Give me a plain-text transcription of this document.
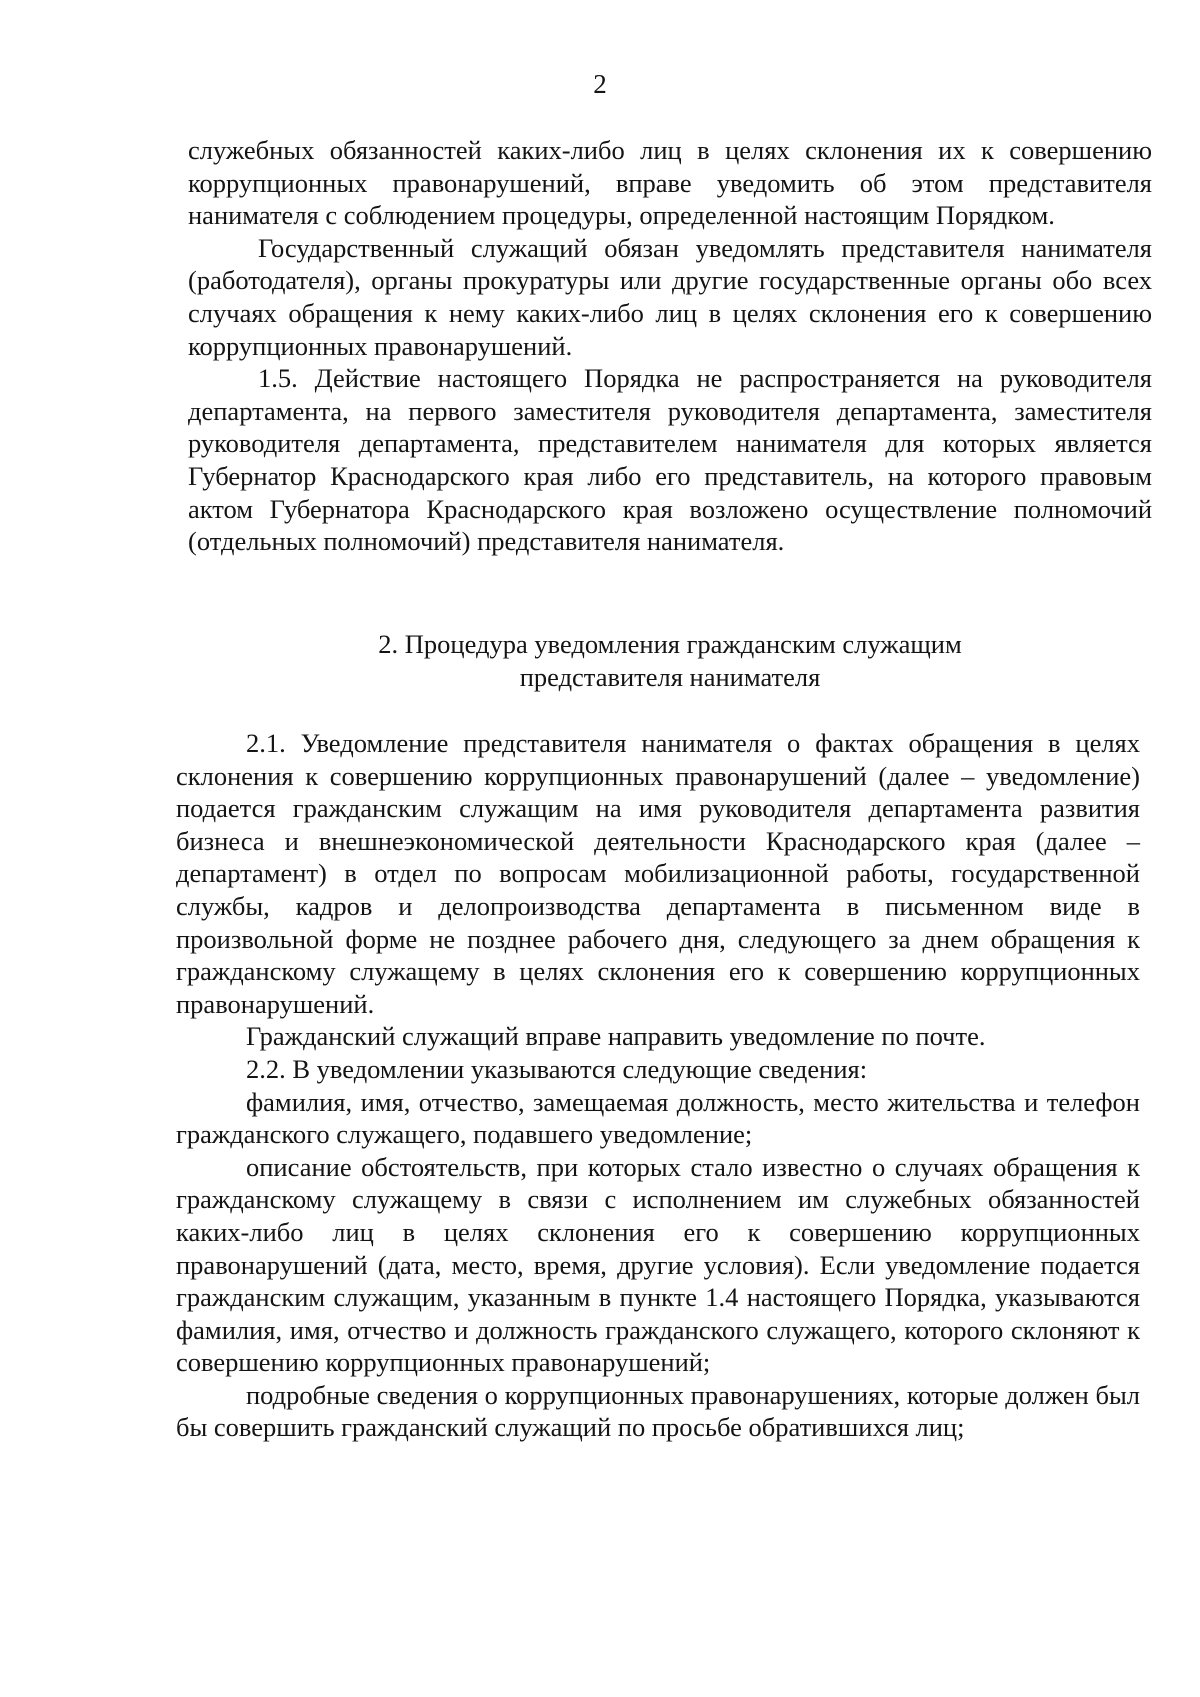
2

служебных обязанностей каких-либо лиц в целях склонения их к совершению коррупционных правонарушений, вправе уведомить об этом представителя нанимателя с соблюдением процедуры, определенной настоящим Порядком.

Государственный служащий обязан уведомлять представителя нанимателя (работодателя), органы прокуратуры или другие государственные органы обо всех случаях обращения к нему каких-либо лиц в целях склонения его к совершению коррупционных правонарушений.

1.5. Действие настоящего Порядка не распространяется на руководителя департамента, на первого заместителя руководителя департамента, заместителя руководителя департамента, представителем нанимателя для которых является Губернатор Краснодарского края либо его представитель, на которого правовым актом Губернатора Краснодарского края возложено осуществление полномочий (отдельных полномочий) представителя нанимателя.

2. Процедура уведомления гражданским служащим
представителя нанимателя

2.1. Уведомление представителя нанимателя о фактах обращения в целях склонения к совершению коррупционных правонарушений (далее – уведомление) подается гражданским служащим на имя руководителя департамента развития бизнеса и внешнеэкономической деятельности Краснодарского края (далее – департамент) в отдел по вопросам мобилизационной работы, государственной службы, кадров и делопроизводства департамента в письменном виде в произвольной форме не позднее рабочего дня, следующего за днем обращения к гражданскому служащему в целях склонения его к совершению коррупционных правонарушений.

Гражданский служащий вправе направить уведомление по почте.

2.2. В уведомлении указываются следующие сведения:

фамилия, имя, отчество, замещаемая должность, место жительства и телефон гражданского служащего, подавшего уведомление;

описание обстоятельств, при которых стало известно о случаях обращения к гражданскому служащему в связи с исполнением им служебных обязанностей каких-либо лиц в целях склонения его к совершению коррупционных правонарушений (дата, место, время, другие условия). Если уведомление подается гражданским служащим, указанным в пункте 1.4 настоящего Порядка, указываются фамилия, имя, отчество и должность гражданского служащего, которого склоняют к совершению коррупционных правонарушений;

подробные сведения о коррупционных правонарушениях, которые должен был бы совершить гражданский служащий по просьбе обратившихся лиц;
